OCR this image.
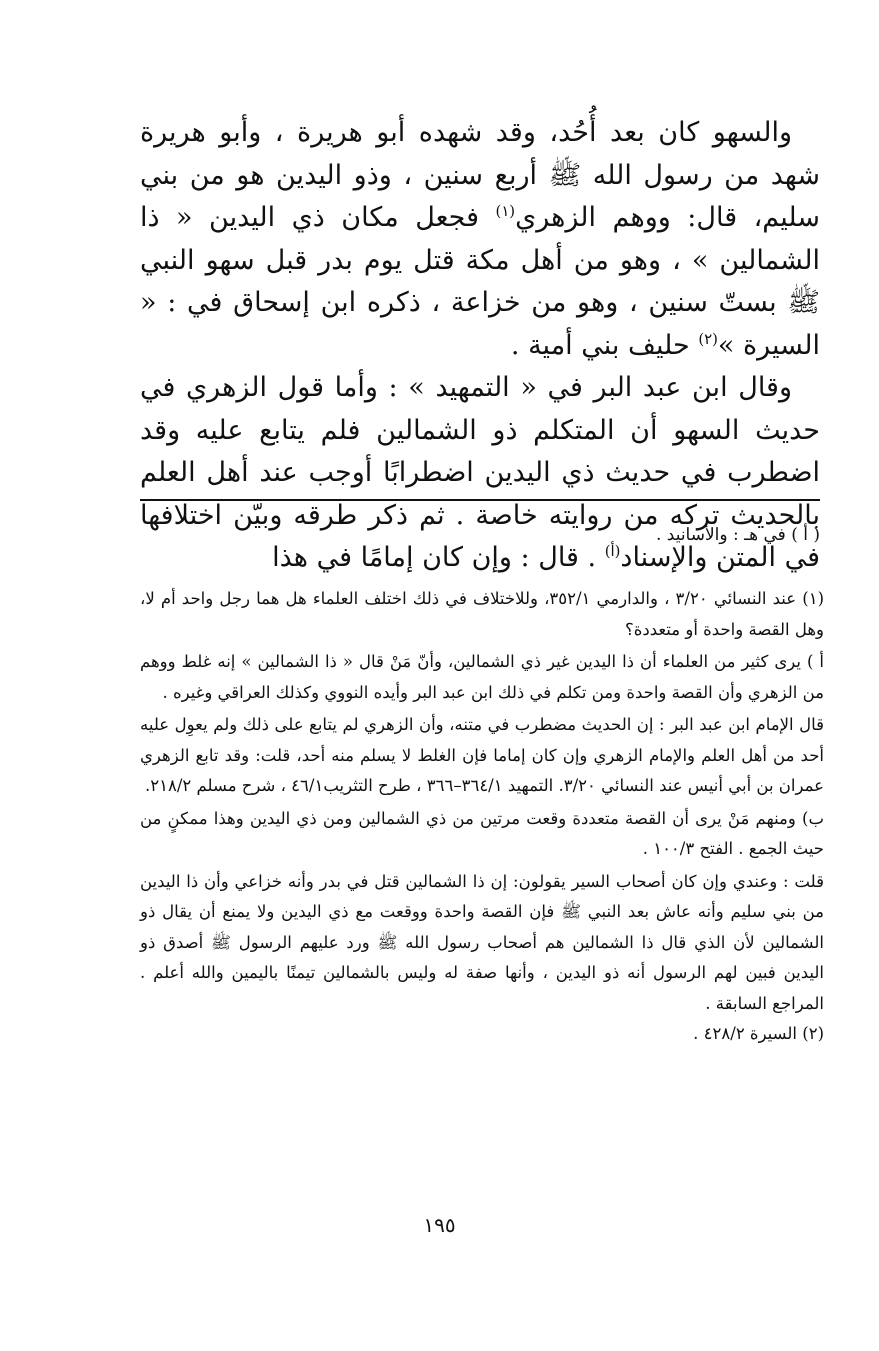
والسهو كان بعد أُحُد، وقد شهده أبو هريرة ، وأبو هريرة شهد من رسول الله ﷺ أربع سنين ، وذو اليدين هو من بني سليم، قال: ووهم الزهري$^{(١)}$ فجعل مكان ذي اليدين « ذا الشمالين » ، وهو من أهل مكة قتل يوم بدر قبل سهو النبي ﷺ بستّ سنين ، وهو من خزاعة ، ذكره ابن إسحاق في : « السيرة »$^{(٢)}$ حليف بني أمية .

وقال ابن عبد البر في « التمهيد » : وأما قول الزهري في حديث السهو أن المتكلم ذو الشمالين فلم يتابع عليه وقد اضطرب في حديث ذي اليدين اضطرابًا أوجب عند أهل العلم بالحديث تركه من روايته خاصة . ثم ذكر طرقه وبيّن اختلافها في المتن والإسناد$^{(أ)}$ . قال : وإن كان إمامًا في هذا

( أ ) في هـ : والأسانيد .

(١) عند النسائي ٣/٢٠ ، والدارمي ٣٥٢/١، وللاختلاف في ذلك اختلف العلماء هل هما رجل واحد أم لا، وهل القصة واحدة أو متعددة؟

أ ) يرى كثير من العلماء أن ذا اليدين غير ذي الشمالين، وأنّ مَنْ قال « ذا الشمالين » إنه غلط ووهم من الزهري وأن القصة واحدة ومن تكلم في ذلك ابن عبد البر وأيده النووي وكذلك العراقي وغيره .

قال الإمام ابن عبد البر : إن الحديث مضطرب في متنه، وأن الزهري لم يتابع على ذلك ولم يعوِل عليه أحد من أهل العلم والإمام الزهري وإن كان إماما فإن الغلط لا يسلم منه أحد، قلت: وقد تابع الزهري عمران بن أبي أنيس عند النسائي ٣/٢٠. التمهيد ٣٦٤/١–٣٦٦ ، طرح التثريب٤٦/١ ، شرح مسلم ٢١٨/٢.

ب) ومنهم مَنْ يرى أن القصة متعددة وقعت مرتين من ذي الشمالين ومن ذي اليدين وهذا ممكنٍ من حيث الجمع . الفتح ١٠٠/٣ .

قلت : وعندي وإن كان أصحاب السير يقولون: إن ذا الشمالين قتل في بدر وأنه خزاعي وأن ذا اليدين من بني سليم وأنه عاش بعد النبي ﷺ فإن القصة واحدة ووقعت مع ذي اليدين ولا يمنع أن يقال ذو الشمالين لأن الذي قال ذا الشمالين هم أصحاب رسول الله ﷺ ورد عليهم الرسول ﷺ أصدق ذو اليدين فبين لهم الرسول أنه ذو اليدين ، وأنها صفة له وليس بالشمالين تيمنًا باليمين والله أعلم . المراجع السابقة .

(٢) السيرة ٤٢٨/٢ .

١٩٥
